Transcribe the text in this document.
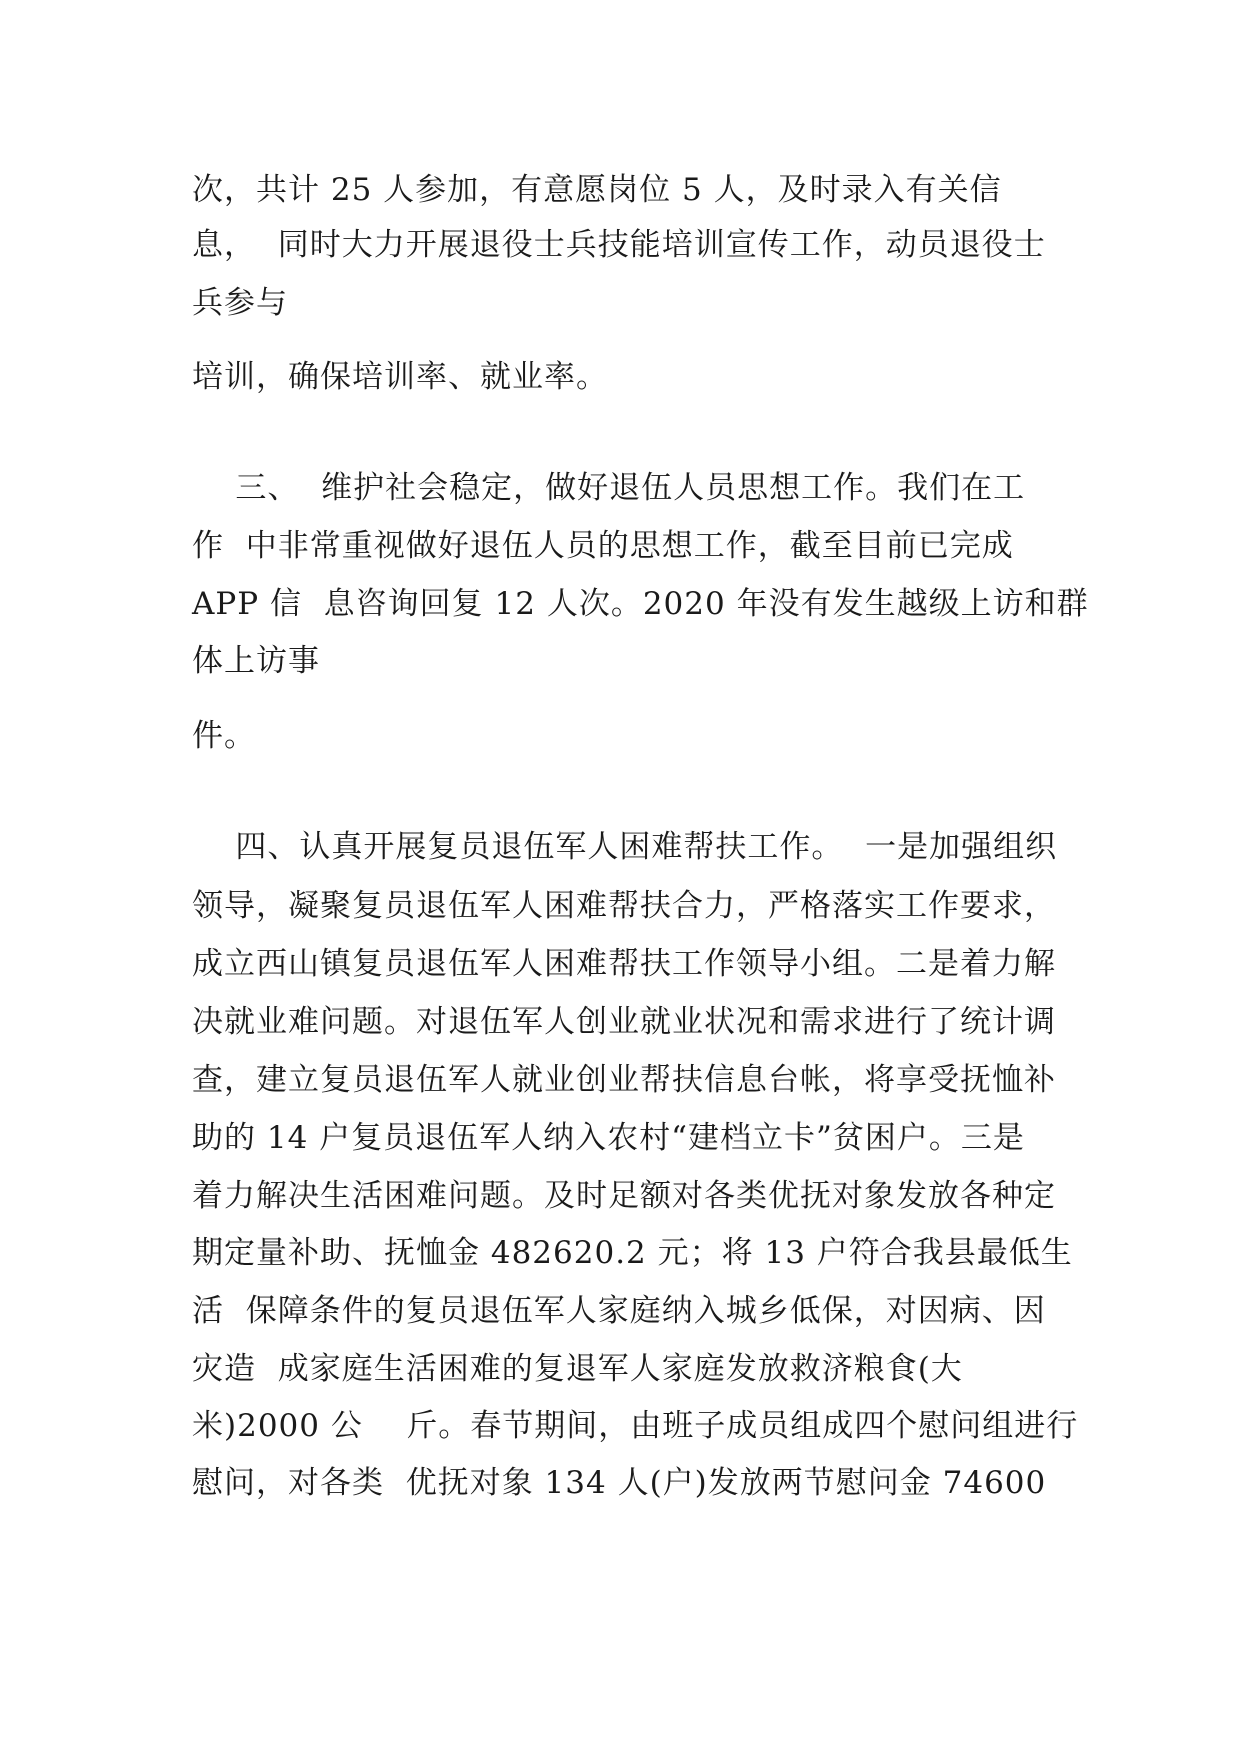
次，共计 25 人参加，有意愿岗位 5 人，及时录入有关信
息，  同时大力开展退役士兵技能培训宣传工作，动员退役士
兵参与
培训，确保培训率、就业率。
三、  维护社会稳定，做好退伍人员思想工作。我们在工
作  中非常重视做好退伍人员的思想工作，截至目前已完成
APP 信  息咨询回复 12 人次。2020 年没有发生越级上访和群
体上访事
件。
四、认真开展复员退伍军人困难帮扶工作。  一是加强组织
领导，凝聚复员退伍军人困难帮扶合力，严格落实工作要求，
成立西山镇复员退伍军人困难帮扶工作领导小组。二是着力解
决就业难问题。对退伍军人创业就业状况和需求进行了统计调
查，建立复员退伍军人就业创业帮扶信息台帐，将享受抚恤补
助的 14 户复员退伍军人纳入农村“建档立卡”贫困户。三是
着力解决生活困难问题。及时足额对各类优抚对象发放各种定
期定量补助、抚恤金 482620.2 元；将 13 户符合我县最低生
活  保障条件的复员退伍军人家庭纳入城乡低保，对因病、因
灾造  成家庭生活困难的复退军人家庭发放救济粮食(大
米)2000 公    斤。春节期间，由班子成员组成四个慰问组进行
慰问，对各类  优抚对象 134 人(户)发放两节慰问金 74600
